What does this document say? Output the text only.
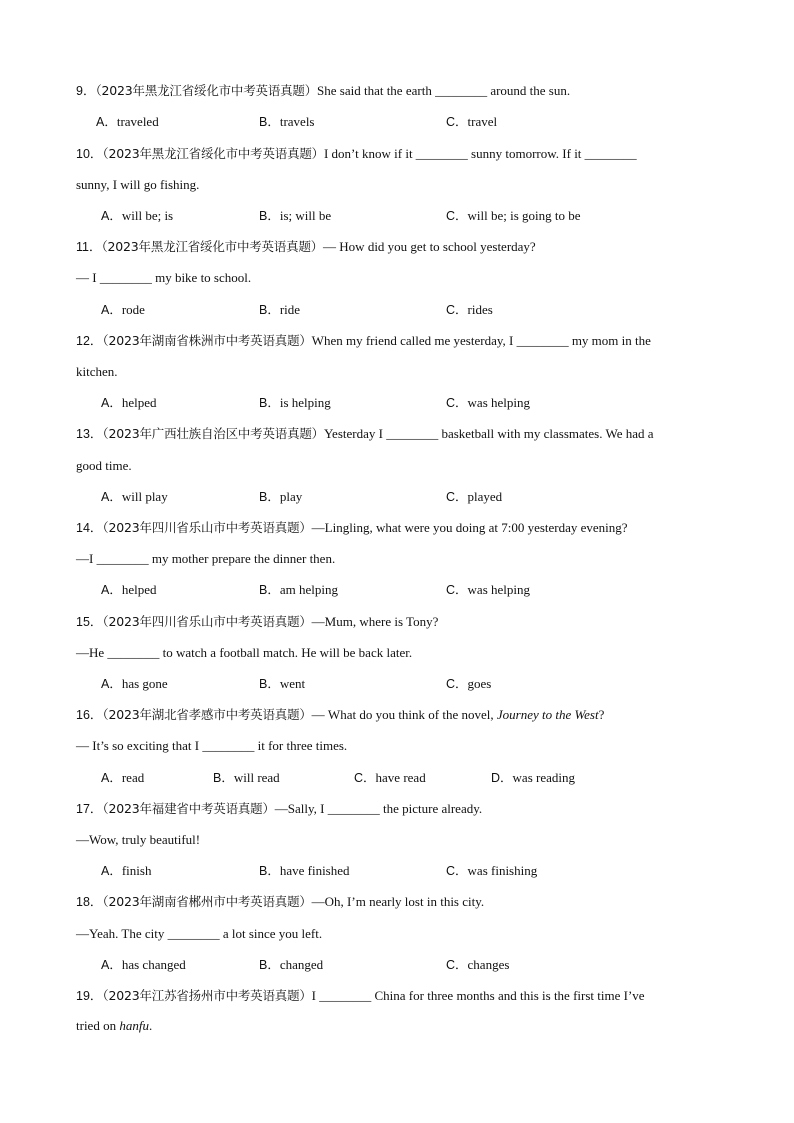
9．（2023年黑龙江省绥化市中考英语真题）She said that the earth ________ around the sun.
A．traveled	B．travels	C．travel
10．（2023年黑龙江省绥化市中考英语真题）I don’t know if it ________ sunny tomorrow. If it ________
sunny, I will go fishing.
A．will be; is	B．is; will be	C．will be; is going to be
11．（2023年黑龙江省绥化市中考英语真题）— How did you get to school yesterday?
— I ________ my bike to school.
A．rode	B．ride	C．rides
12．（2023年湖南省株洲市中考英语真题）When my friend called me yesterday, I ________ my mom in the
kitchen.
A．helped	B．is helping	C．was helping
13．（2023年广西壮族自治区中考英语真题）Yesterday I ________ basketball with my classmates. We had a
good time.
A．will play	B．play	C．played
14．（2023年四川省乐山市中考英语真题）—Lingling, what were you doing at 7:00 yesterday evening?
—I ________ my mother prepare the dinner then.
A．helped	B．am helping	C．was helping
15．（2023年四川省乐山市中考英语真题）—Mum, where is Tony?
—He ________ to watch a football match. He will be back later.
A．has gone	B．went	C．goes
16．（2023年湖北省孝感市中考英语真题）— What do you think of the novel, Journey to the West?
— It’s so exciting that I ________ it for three times.
A．read	B．will read	C．have read	D．was reading
17．（2023年福建省中考英语真题）—Sally, I ________ the picture already.
—Wow, truly beautiful!
A．finish	B．have finished	C．was finishing
18．（2023年湖南省郴州市中考英语真题）—Oh, I’m nearly lost in this city.
—Yeah. The city ________ a lot since you left.
A．has changed	B．changed	C．changes
19．（2023年江苏省扬州市中考英语真题）I ________ China for three months and this is the first time I’ve
tried on hanfu.
